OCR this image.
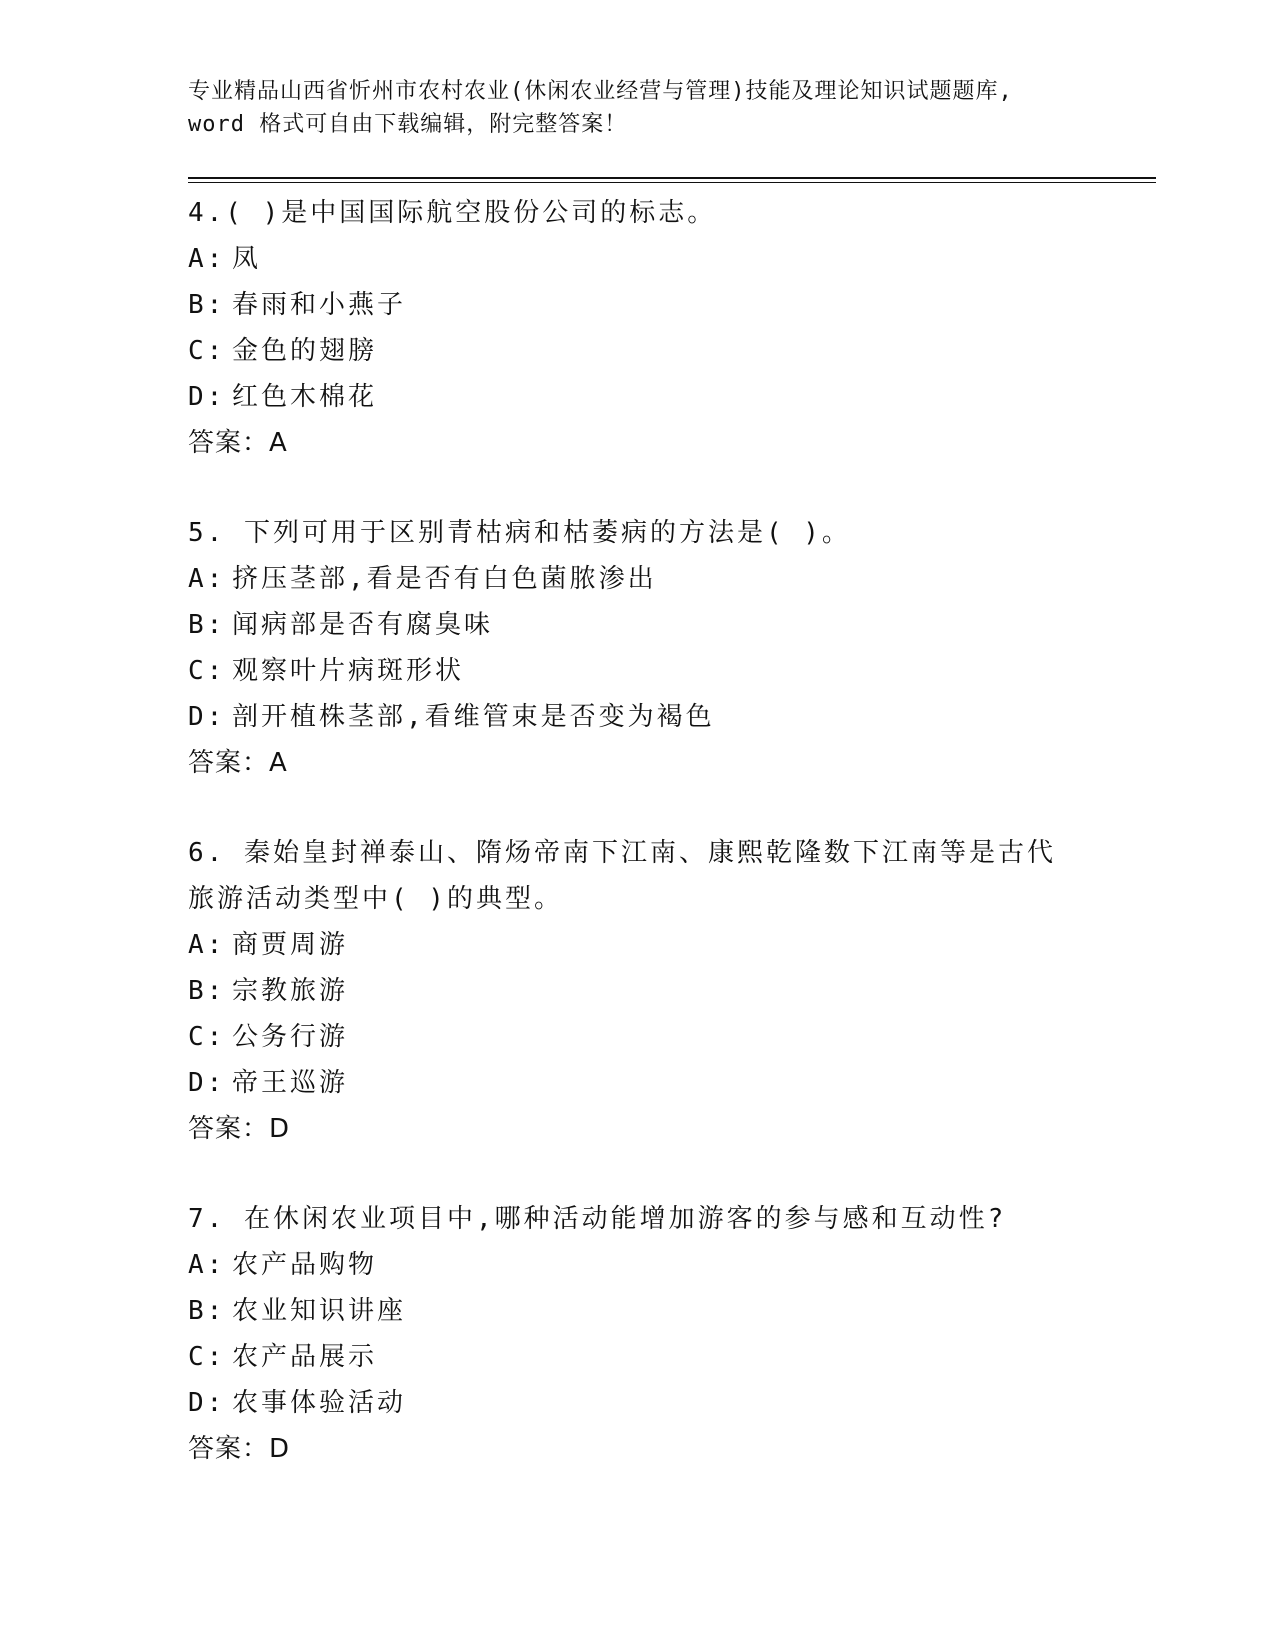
专业精品山西省忻州市农村农业(休闲农业经营与管理)技能及理论知识试题题库,
word 格式可自由下载编辑，附完整答案！
4.( )是中国国际航空股份公司的标志。
A: 凤
B: 春雨和小燕子
C: 金色的翅膀
D: 红色木棉花
答案：A
5. 下列可用于区别青枯病和枯萎病的方法是( )。
A: 挤压茎部,看是否有白色菌脓渗出
B: 闻病部是否有腐臭味
C: 观察叶片病斑形状
D: 剖开植株茎部,看维管束是否变为褐色
答案：A
6. 秦始皇封禅泰山、隋炀帝南下江南、康熙乾隆数下江南等是古代旅游活动类型中( )的典型。
A: 商贾周游
B: 宗教旅游
C: 公务行游
D: 帝王巡游
答案：D
7. 在休闲农业项目中,哪种活动能增加游客的参与感和互动性?
A: 农产品购物
B: 农业知识讲座
C: 农产品展示
D: 农事体验活动
答案：D
